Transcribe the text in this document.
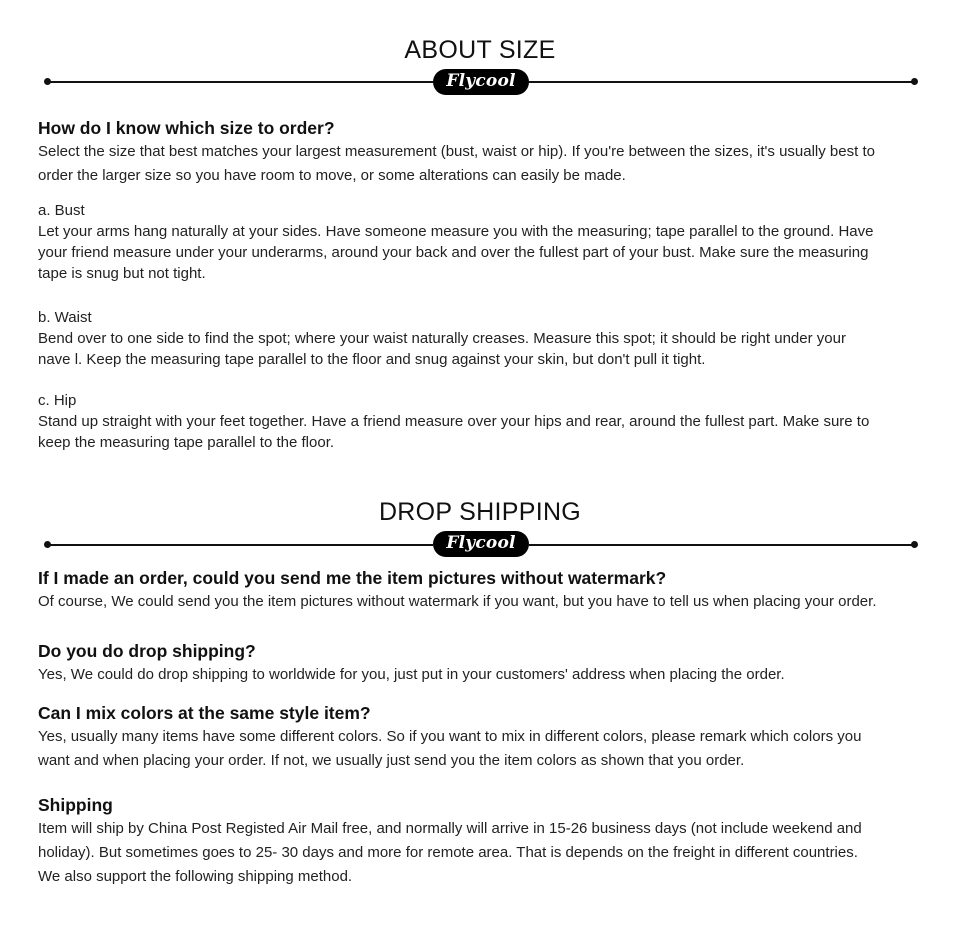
ABOUT SIZE
Flycool
How do I know which size to order?
Select the size that best matches your largest measurement (bust, waist or hip). If you're between the sizes, it's usually best to
order the larger size so you have room to move, or some alterations can easily be made.
a. Bust
Let your arms hang naturally at your sides. Have someone measure you with the measuring; tape parallel to the ground. Have
your friend measure under your underarms, around your back and over the fullest part of your bust. Make sure the measuring
tape is snug but not tight.
b. Waist
Bend over to one side to find the spot; where your waist naturally creases. Measure this spot; it should be right under your
nave l. Keep the measuring tape parallel to the floor and snug against your skin, but don't pull it tight.
c. Hip
Stand up straight with your feet together. Have a friend measure over your hips and rear, around the fullest part. Make sure to
keep the measuring tape parallel to the floor.
DROP SHIPPING
Flycool
If I made an order, could you send me the item pictures without watermark?
Of course, We could send you the item pictures without watermark if you want, but you have to tell us when placing your order.
Do you do drop shipping?
Yes, We could do drop shipping to worldwide for you, just put in your customers' address when placing the order.
Can I mix colors at the same style item?
Yes, usually many items have some different colors. So if you want to mix in different colors, please remark which colors you
want and when placing your order. If not, we usually just send you the item colors as shown that you order.
Shipping
Item will ship by China Post Registed Air Mail free, and normally will arrive in 15-26 business days (not include weekend and
holiday). But sometimes goes to 25- 30 days and more for remote area. That is depends on the freight in different countries.
We also support the following shipping method.
